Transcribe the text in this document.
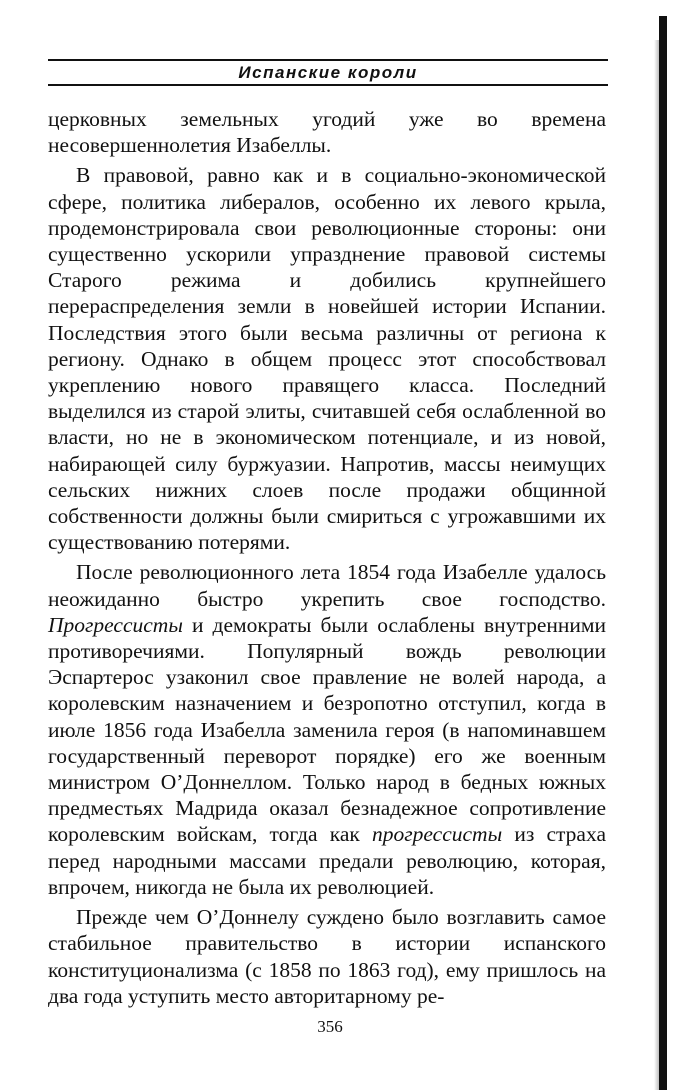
Испанские короли

церковных земельных угодий уже во времена несовершеннолетия Изабеллы.

В правовой, равно как и в социально-экономической сфере, политика либералов, особенно их левого крыла, продемонстрировала свои революционные стороны: они существенно ускорили упразднение правовой системы Старого режима и добились крупнейшего перераспределения земли в новейшей истории Испании. Последствия этого были весьма различны от региона к региону. Однако в общем процесс этот способствовал укреплению нового правящего класса. Последний выделился из старой элиты, считавшей себя ослабленной во власти, но не в экономическом потенциале, и из новой, набирающей силу буржуазии. Напротив, массы неимущих сельских нижних слоев после продажи общинной собственности должны были смириться с угрожавшими их существованию потерями.

После революционного лета 1854 года Изабелле удалось неожиданно быстро укрепить свое господство. Прогрессисты и демократы были ослаблены внутренними противоречиями. Популярный вождь революции Эспартерос узаконил свое правление не волей народа, а королевским назначением и безропотно отступил, когда в июле 1856 года Изабелла заменила героя (в напоминавшем государственный переворот порядке) его же военным министром О’Доннеллом. Только народ в бедных южных предместьях Мадрида оказал безнадежное сопротивление королевским войскам, тогда как прогрессисты из страха перед народными массами предали революцию, которая, впрочем, никогда не была их революцией.

Прежде чем О’Доннелу суждено было возглавить самое стабильное правительство в истории испанского конституционализма (с 1858 по 1863 год), ему пришлось на два года уступить место авторитарному ре-

356
